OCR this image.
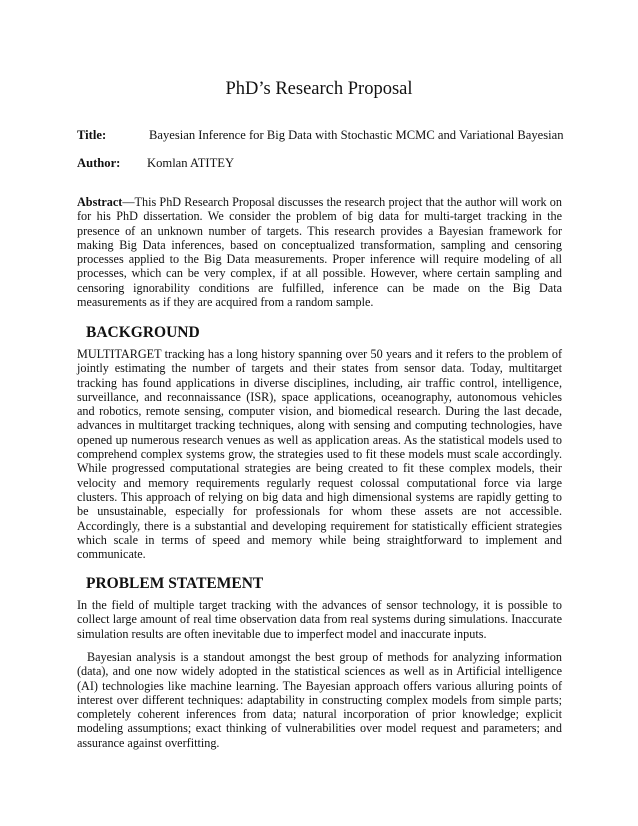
PhD’s Research Proposal
Title:	Bayesian Inference for Big Data with Stochastic MCMC and Variational Bayesian
Author: Komlan ATITEY

Abstract—This PhD Research Proposal discusses the research project that the author will work on for his PhD dissertation. We consider the problem of big data for multi-target tracking in the presence of an unknown number of targets. This research provides a Bayesian framework for making Big Data inferences, based on conceptualized transformation, sampling and censoring processes applied to the Big Data measurements. Proper inference will require modeling of all processes, which can be very complex, if at all possible. However, where certain sampling and censoring ignorability conditions are fulfilled, inference can be made on the Big Data measurements as if they are acquired from a random sample.

BACKGROUND

MULTITARGET tracking has a long history spanning over 50 years and it refers to the problem of jointly estimating the number of targets and their states from sensor data. Today, multitarget tracking has found applications in diverse disciplines, including, air traffic control, intelligence, surveillance, and reconnaissance (ISR), space applications, oceanography, autonomous vehicles and robotics, remote sensing, computer vision, and biomedical research. During the last decade, advances in multitarget tracking techniques, along with sensing and computing technologies, have opened up numerous research venues as well as application areas. As the statistical models used to comprehend complex systems grow, the strategies used to fit these models must scale accordingly. While progressed computational strategies are being created to fit these complex models, their velocity and memory requirements regularly request colossal computational force via large clusters. This approach of relying on big data and high dimensional systems are rapidly getting to be unsustainable, especially for professionals for whom these assets are not accessible. Accordingly, there is a substantial and developing requirement for statistically efficient strategies which scale in terms of speed and memory while being straightforward to implement and communicate.

PROBLEM STATEMENT

In the field of multiple target tracking with the advances of sensor technology, it is possible to collect large amount of real time observation data from real systems during simulations. Inaccurate simulation results are often inevitable due to imperfect model and inaccurate inputs.

Bayesian analysis is a standout amongst the best group of methods for analyzing information (data), and one now widely adopted in the statistical sciences as well as in Artificial intelligence (AI) technologies like machine learning. The Bayesian approach offers various alluring points of interest over different techniques: adaptability in constructing complex models from simple parts; completely coherent inferences from data; natural incorporation of prior knowledge; explicit modeling assumptions; exact thinking of vulnerabilities over model request and parameters; and assurance against overfitting.
